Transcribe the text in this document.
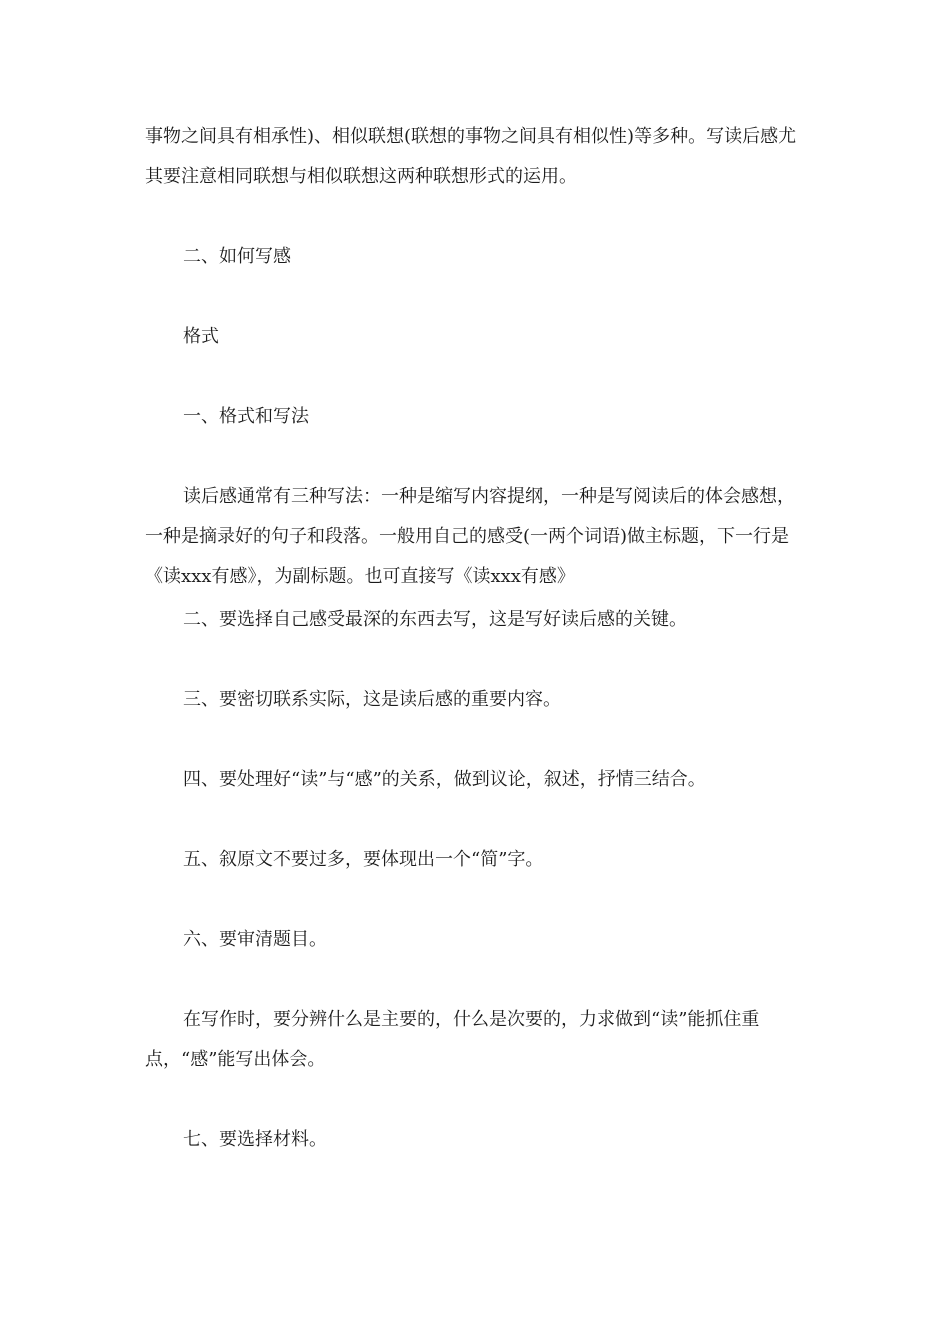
事物之间具有相承性)、相似联想(联想的事物之间具有相似性)等多种。写读后感尤其要注意相同联想与相似联想这两种联想形式的运用。

二、如何写感

格式

一、格式和写法

读后感通常有三种写法：一种是缩写内容提纲，一种是写阅读后的体会感想，一种是摘录好的句子和段落。一般用自己的感受(一两个词语)做主标题，下一行是《读xxx有感》，为副标题。也可直接写《读xxx有感》

二、要选择自己感受最深的东西去写，这是写好读后感的关键。

三、要密切联系实际，这是读后感的重要内容。

四、要处理好“读”与“感”的关系，做到议论，叙述，抒情三结合。

五、叙原文不要过多，要体现出一个“简”字。

六、要审清题目。

在写作时，要分辨什么是主要的，什么是次要的，力求做到“读”能抓住重点，“感”能写出体会。

七、要选择材料。
